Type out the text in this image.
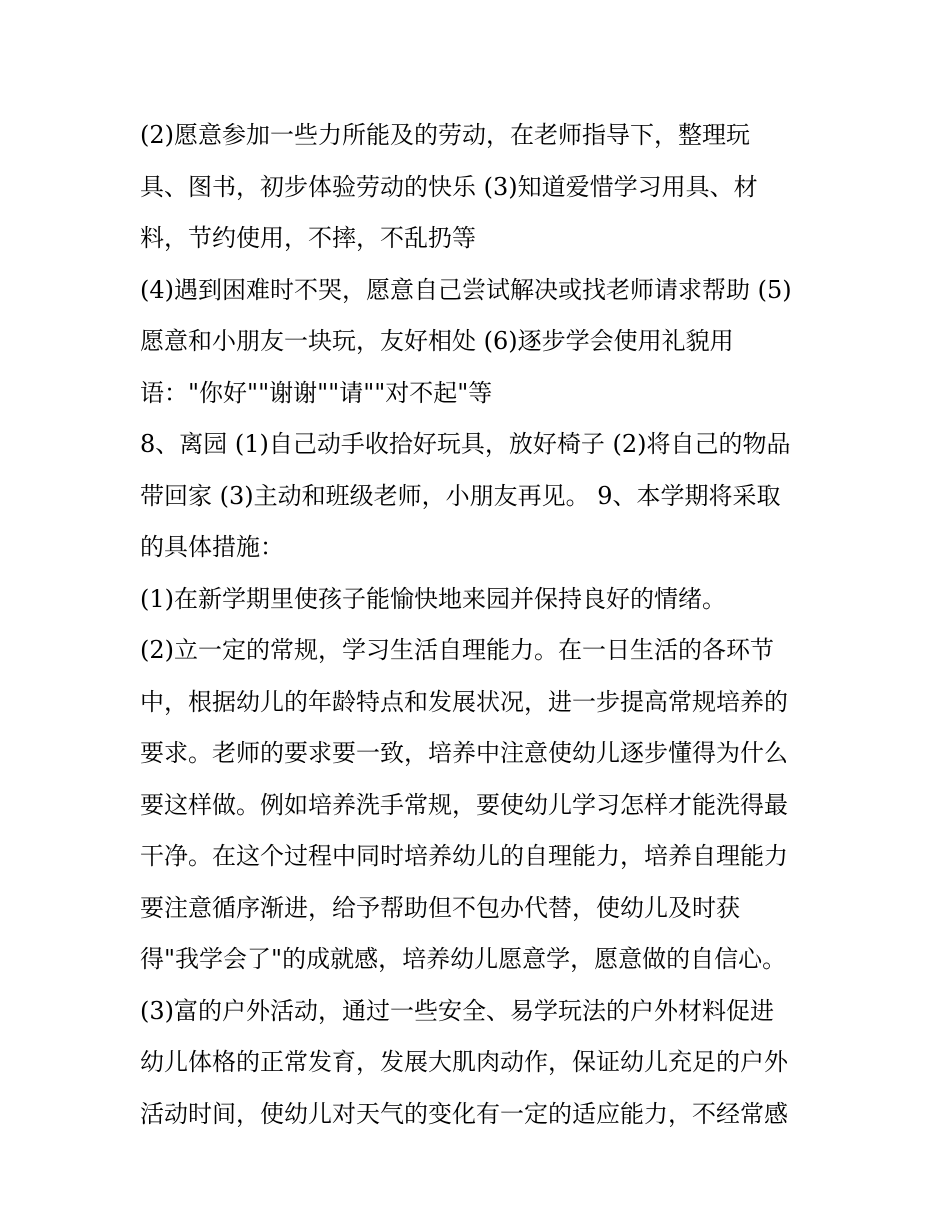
(2)愿意参加一些力所能及的劳动，在老师指导下，整理玩
具、图书，初步体验劳动的快乐 (3)知道爱惜学习用具、材
料，节约使用，不摔，不乱扔等
(4)遇到困难时不哭，愿意自己尝试解决或找老师请求帮助 (5)
愿意和小朋友一块玩，友好相处 (6)逐步学会使用礼貌用
语："你好""谢谢""请""对不起"等
8、离园 (1)自己动手收拾好玩具，放好椅子 (2)将自己的物品
带回家 (3)主动和班级老师，小朋友再见。 9、本学期将采取
的具体措施：
(1)在新学期里使孩子能愉快地来园并保持良好的情绪。
(2)立一定的常规，学习生活自理能力。在一日生活的各环节
中，根据幼儿的年龄特点和发展状况，进一步提高常规培养的
要求。老师的要求要一致，培养中注意使幼儿逐步懂得为什么
要这样做。例如培养洗手常规，要使幼儿学习怎样才能洗得最
干净。在这个过程中同时培养幼儿的自理能力，培养自理能力
要注意循序渐进，给予帮助但不包办代替，使幼儿及时获
得"我学会了"的成就感，培养幼儿愿意学，愿意做的自信心。
(3)富的户外活动，通过一些安全、易学玩法的户外材料促进
幼儿体格的正常发育，发展大肌肉动作，保证幼儿充足的户外
活动时间，使幼儿对天气的变化有一定的适应能力，不经常感
